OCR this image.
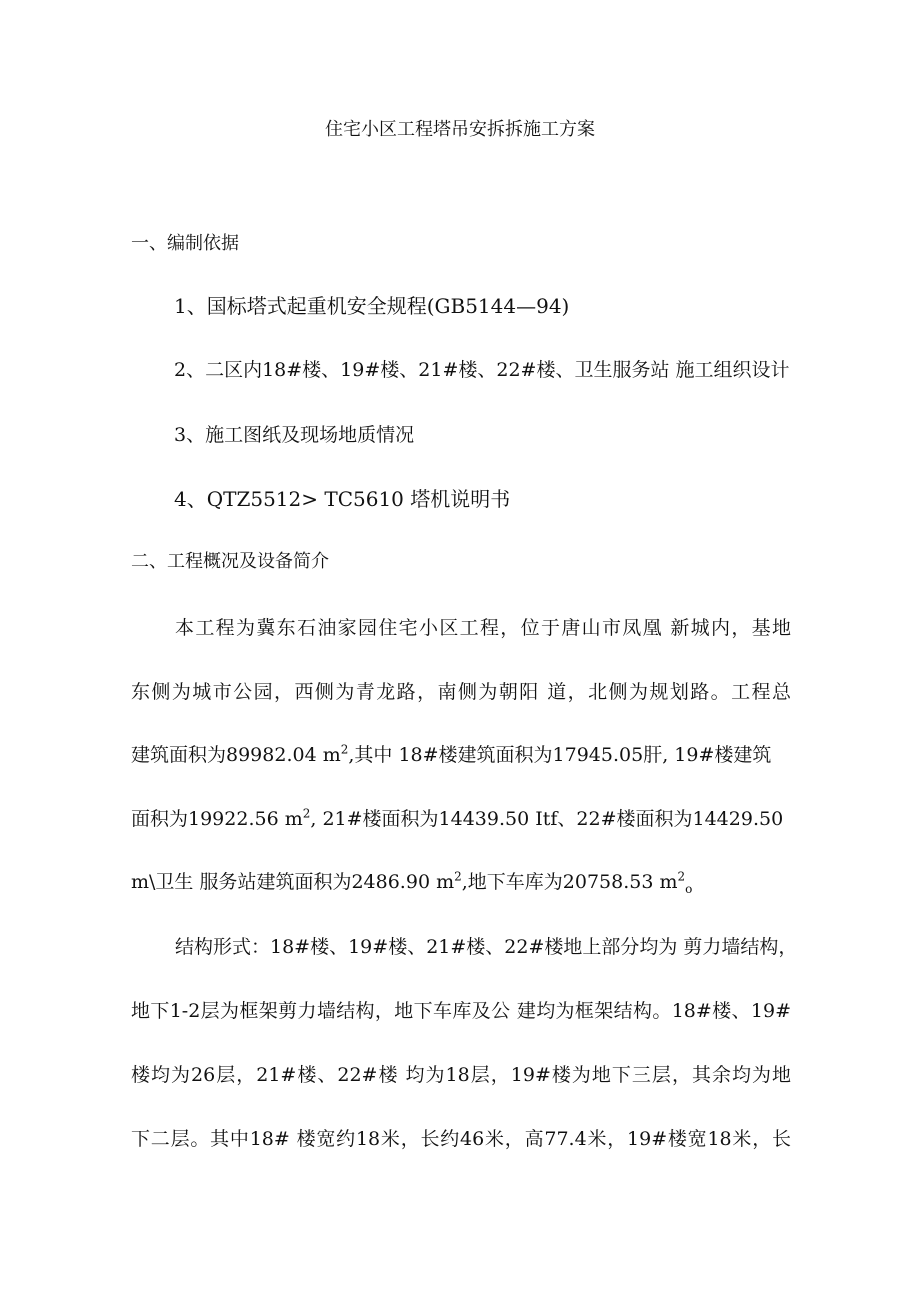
住宅小区工程塔吊安拆拆施工方案
一、编制依据
1、国标塔式起重机安全规程(GB5144—94)
2、二区内18#楼、19#楼、21#楼、22#楼、卫生服务站 施工组织设计
3、施工图纸及现场地质情况
4、QTZ5512> TC5610 塔机说明书
二、工程概况及设备简介
本工程为冀东石油家园住宅小区工程，位于唐山市凤凰 新城内，基地
东侧为城市公园，西侧为青龙路，南侧为朝阳 道，北侧为规划路。工程总
建筑面积为89982.04 $m^2$,其中 18#楼建筑面积为17945.05肝, 19#楼建筑
面积为19922.56 $m^2$, 21#楼面积为14439.50 Itf、22#楼面积为14429.50
m\卫生 服务站建筑面积为2486.90 $m^2$,地下车库为20758.53 $m^2_o$
结构形式：18#楼、19#楼、21#楼、22#楼地上部分均为 剪力墙结构，
地下1-2层为框架剪力墙结构，地下车库及公 建均为框架结构。18#楼、19#
楼均为26层，21#楼、22#楼 均为18层，19#楼为地下三层，其余均为地
下二层。其中18# 楼宽约18米，长约46米，高77.4米，19#楼宽18米，长
